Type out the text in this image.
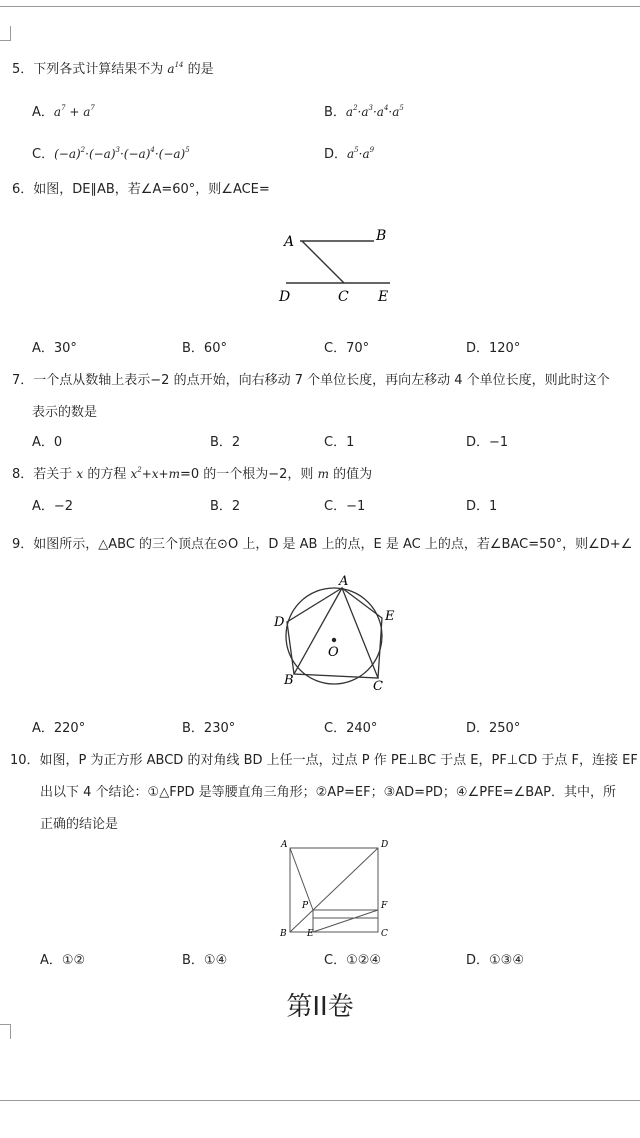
5．下列各式计算结果不为 $a^{14}$ 的是
A．$a^7 + a^7$	B．$a^2\cdot a^3\cdot a^4\cdot a^5$
C．$(-a)^2\cdot(-a)^3\cdot(-a)^4\cdot(-a)^5$	D．$a^5\cdot a^9$
6．如图，DE∥AB，若∠A=60°，则∠ACE=
A	B
D	C E
A．30°	B．60°	C．70°	D．120°
7．一个点从数轴上表示−2 的点开始，向右移动 7 个单位长度，再向左移动 4 个单位长度，则此时这个
表示的数是
A．0	B．2	C．1	D．−1
8．若关于 x 的方程 $x^2+x+m=0$ 的一个根为−2，则 m 的值为
A．−2	B．2	C．−1	D．1
9．如图所示，△ABC 的三个顶点在⊙O 上，D 是 AB 上的点，E 是 AC 上的点，若∠BAC=50°，则∠D+∠
A
D	E
O
B	C
A．220°	B．230°	C．240°	D．250°
10．如图，P 为正方形 ABCD 的对角线 BD 上任一点，过点 P 作 PE⊥BC 于点 E，PF⊥CD 于点 F，连接 EF
出以下 4 个结论：①△FPD 是等腰直角三角形；②AP=EF；③AD=PD；④∠PFE=∠BAP．其中，所
正确的结论是
A	D
P	F
B E	C
A．①②	B．①④	C．①②④	D．①③④
第II卷
